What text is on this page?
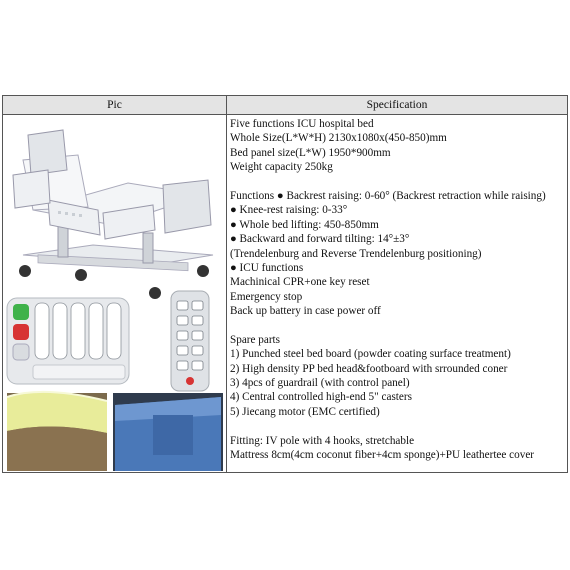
Pic	Specification
Five functions ICU hospital bed
Whole Size(L*W*H) 2130x1080x(450-850)mm
Bed panel size(L*W) 1950*900mm
Weight capacity 250kg
Functions ● Backrest raising: 0-60° (Backrest retraction while raising)
● Knee-rest raising: 0-33°
● Whole bed lifting: 450-850mm
● Backward and forward tilting: 14°±3°
(Trendelenburg and Reverse Trendelenburg positioning)
● ICU functions
Machinical CPR+one key reset
Emergency stop
Back up battery in case power off
Spare parts
1) Punched steel bed board (powder coating surface treatment)
2) High density PP bed head&footboard with srrounded coner
3) 4pcs of guardrail (with control panel)
4) Central controlled high-end 5" casters
5) Jiecang motor (EMC certified)
Fitting: IV pole with 4 hooks, stretchable
Mattress 8cm(4cm coconut fiber+4cm sponge)+PU leathertee cover
